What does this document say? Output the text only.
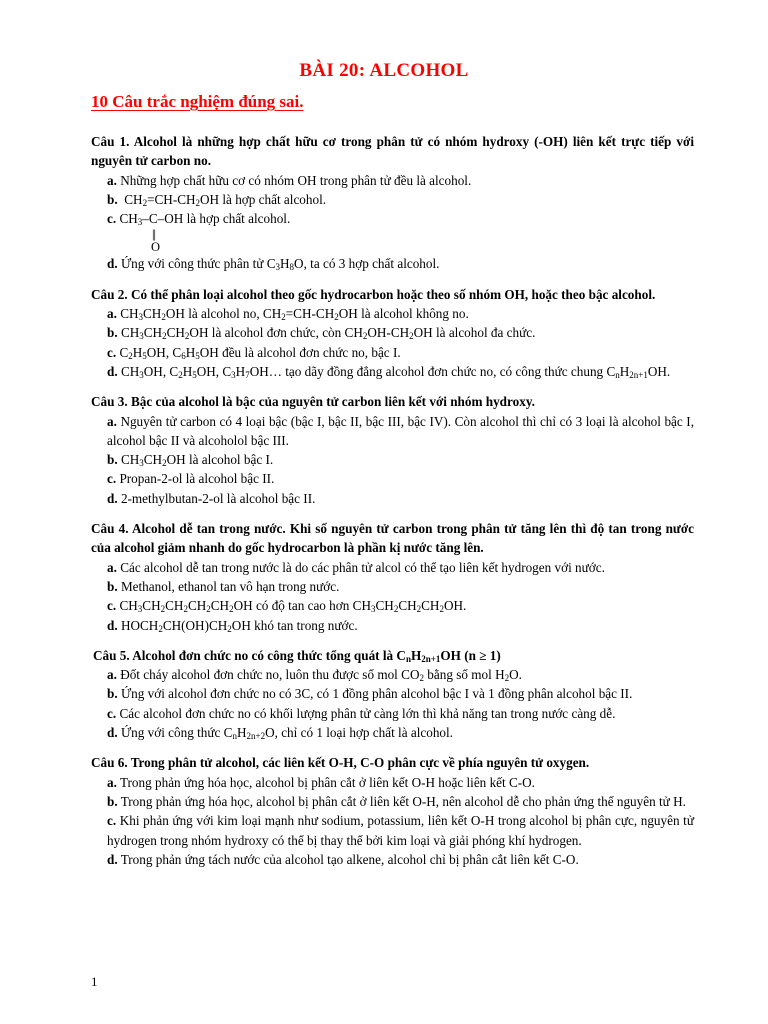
BÀI 20: ALCOHOL
10 Câu trắc nghiệm đúng sai.
Câu 1. Alcohol là những hợp chất hữu cơ trong phân tử có nhóm hydroxy (-OH) liên kết trực tiếp với nguyên tử carbon no.
a. Những hợp chất hữu cơ có nhóm OH trong phân tử đều là alcohol.
b.  $CH_2=CH-CH_2OH$ là hợp chất alcohol.
c. $CH_3-C-OH$ là hợp chất alcohol.
||
O
d. Ứng với công thức phân tử $C_3H_8O$, ta có 3 hợp chất alcohol.
Câu 2. Có thể phân loại alcohol theo gốc hydrocarbon hoặc theo số nhóm OH, hoặc theo bậc alcohol.
a. $CH_3CH_2OH$ là alcohol no, $CH_2=CH-CH_2OH$ là alcohol không no.
b. $CH_3CH_2CH_2OH$ là alcohol đơn chức, còn $CH_2OH-CH_2OH$ là alcohol đa chức.
c. $C_2H_5OH$, $C_6H_5OH$ đều là alcohol đơn chức no, bậc I.
d. $CH_3OH$, $C_2H_5OH$, $C_3H_7OH\dots$ tạo dãy đồng đẳng alcohol đơn chức no, có công thức chung $C_nH_{2n+1}OH$.
Câu 3. Bậc của alcohol là bậc của nguyên tử carbon liên kết với nhóm hydroxy.
a. Nguyên tử carbon có 4 loại bậc (bậc I, bậc II, bậc III, bậc IV). Còn alcohol thì chỉ có 3 loại là alcohol bậc I, alcohol bậc II và alcoholol bậc III.
b. $CH_3CH_2OH$ là alcohol bậc I.
c. Propan-2-ol là alcohol bậc II.
d. 2-methylbutan-2-ol là alcohol bậc II.
Câu 4. Alcohol dễ tan trong nước. Khi số nguyên tử carbon trong phân tử tăng lên thì độ tan trong nước của alcohol giảm nhanh do gốc hydrocarbon là phần kị nước tăng lên.
a. Các alcohol dễ tan trong nước là do các phân tử alcol có thể tạo liên kết hydrogen với nước.
b. Methanol, ethanol tan vô hạn trong nước.
c. $CH_3CH_2CH_2CH_2CH_2OH$ có độ tan cao hơn $CH_3CH_2CH_2CH_2OH$.
d. $HOCH_2CH(OH)CH_2OH$ khó tan trong nước.
Câu 5. Alcohol đơn chức no có công thức tổng quát là $C_nH_{2n+1}OH$ (n ≥ 1)
a. Đốt cháy alcohol đơn chức no, luôn thu được số mol $CO_2$ bằng số mol $H_2O$.
b. Ứng với alcohol đơn chức no có 3C, có 1 đồng phân alcohol bậc I và 1 đồng phân alcohol bậc II.
c. Các alcohol đơn chức no có khối lượng phân tử càng lớn thì khả năng tan trong nước càng dễ.
d. Ứng với công thức $C_nH_{2n+2}O$, chỉ có 1 loại hợp chất là alcohol.
Câu 6. Trong phân tử alcohol, các liên kết O-H, C-O phân cực về phía nguyên tử oxygen.
a. Trong phản ứng hóa học, alcohol bị phân cắt ở liên kết O-H hoặc liên kết C-O.
b. Trong phản ứng hóa học, alcohol bị phân cắt ở liên kết O-H, nên alcohol dễ cho phản ứng thế nguyên tử H.
c. Khi phản ứng với kim loại mạnh như sodium, potassium, liên kết O-H trong alcohol bị phân cực, nguyên tử hydrogen trong nhóm hydroxy có thể bị thay thế bởi kim loại và giải phóng khí hydrogen.
d. Trong phản ứng tách nước của alcohol tạo alkene, alcohol chỉ bị phân cắt liên kết C-O.
1
